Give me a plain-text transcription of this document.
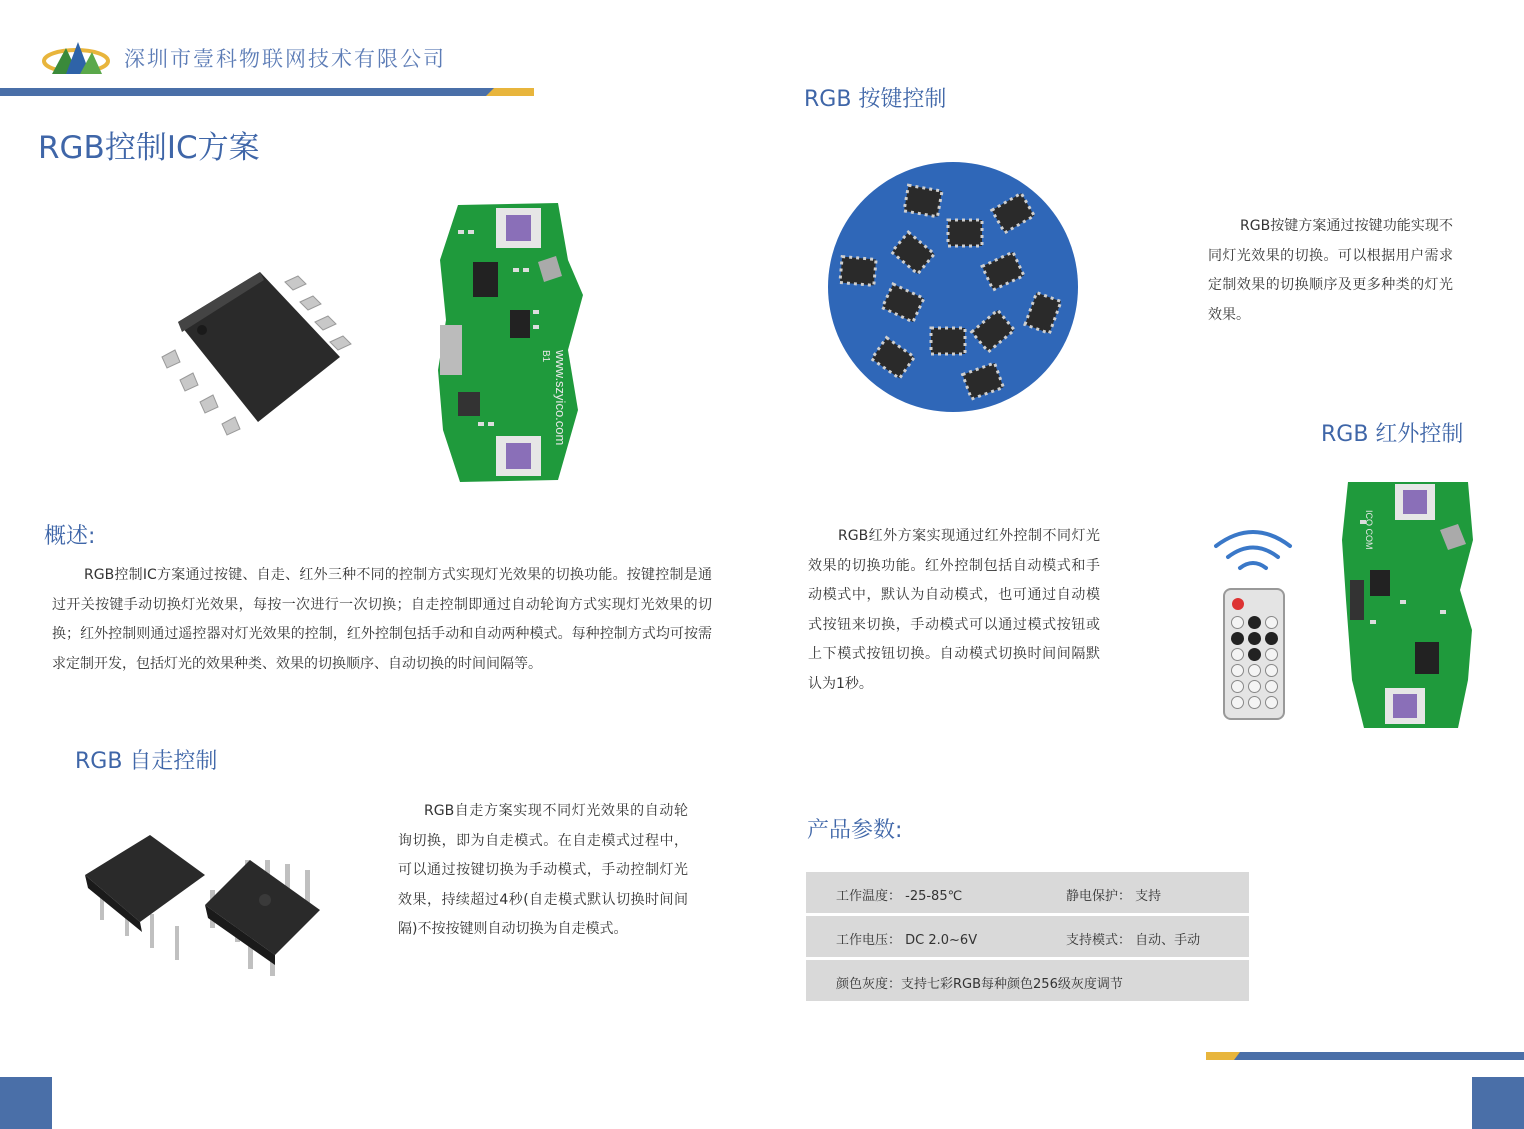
深圳市壹科物联网技术有限公司
RGB控制IC方案
www.szyico.com
B1
概述:

RGB控制IC方案通过按键、自走、红外三种不同的控制方式实现灯光效果的切换功能。按键控制是通过开关按键手动切换灯光效果，每按一次进行一次切换；自走控制即通过自动轮询方式实现灯光效果的切换；红外控制则通过遥控器对灯光效果的控制，红外控制包括手动和自动两种模式。每种控制方式均可按需求定制开发，包括灯光的效果种类、效果的切换顺序、自动切换的时间间隔等。

RGB 自走控制

RGB自走方案实现不同灯光效果的自动轮询切换，即为自走模式。在自走模式过程中，可以通过按键切换为手动模式，手动控制灯光效果，持续超过4秒(自走模式默认切换时间间隔)不按按键则自动切换为自走模式。

RGB 按键控制

RGB按键方案通过按键功能实现不同灯光效果的切换。可以根据用户需求定制效果的切换顺序及更多种类的灯光效果。

RGB 红外控制

RGB红外方案实现通过红外控制不同灯光效果的切换功能。红外控制包括自动模式和手动模式中，默认为自动模式，也可通过自动模式按钮来切换，手动模式可以通过模式按钮或上下模式按钮切换。自动模式切换时间间隔默认为1秒。

ICO COM
产品参数:
工作温度： -25-85℃	静电保护： 支持
工作电压： DC 2.0~6V	支持模式： 自动、手动
颜色灰度：支持七彩RGB每种颜色256级灰度调节
